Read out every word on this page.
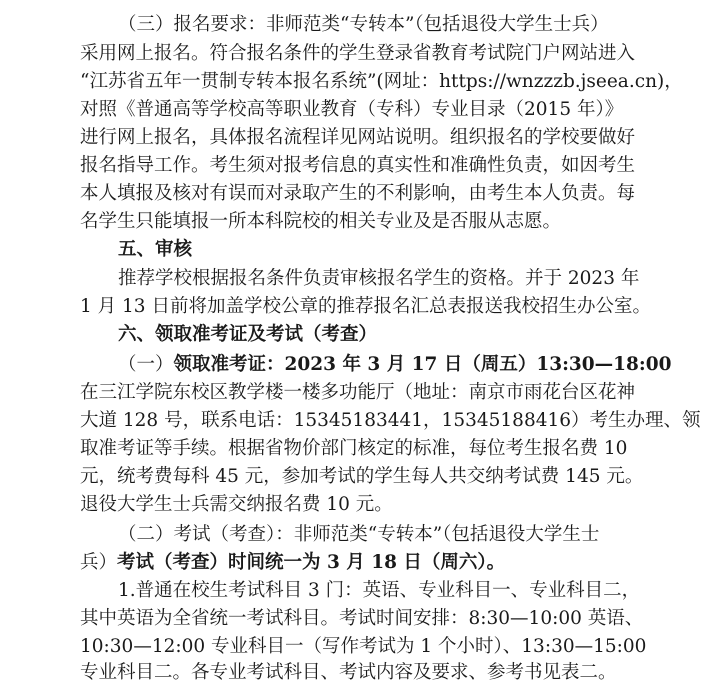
（三）报名要求：非师范类“专转本”（包括退役大学生士兵）
采用网上报名。符合报名条件的学生登录省教育考试院门户网站进入
“江苏省五年一贯制专转本报名系统”(网址：https://wnzzzb.jseea.cn)，
对照《普通高等学校高等职业教育（专科）专业目录（2015 年）》
进行网上报名，具体报名流程详见网站说明。组织报名的学校要做好
报名指导工作。考生须对报考信息的真实性和准确性负责，如因考生
本人填报及核对有误而对录取产生的不利影响，由考生本人负责。每
名学生只能填报一所本科院校的相关专业及是否服从志愿。
五、审核
推荐学校根据报名条件负责审核报名学生的资格。并于 2023 年
1 月 13 日前将加盖学校公章的推荐报名汇总表报送我校招生办公室。
六、领取准考证及考试（考查）
（一）领取准考证：2023 年 3 月 17 日（周五）13:30—18:00
在三江学院东校区教学楼一楼多功能厅（地址：南京市雨花台区花神
大道 128 号，联系电话：15345183441，15345188416）考生办理、领
取准考证等手续。根据省物价部门核定的标准，每位考生报名费 10
元，统考费每科 45 元，参加考试的学生每人共交纳考试费 145 元。
退役大学生士兵需交纳报名费 10 元。
（二）考试（考查）：非师范类“专转本”（包括退役大学生士
兵）考试（考查）时间统一为 3 月 18 日（周六）。
1.普通在校生考试科目 3 门：英语、专业科目一、专业科目二，
其中英语为全省统一考试科目。考试时间安排：8:30—10:00 英语、
10:30—12:00 专业科目一（写作考试为 1 个小时）、13:30—15:00
专业科目二。各专业考试科目、考试内容及要求、参考书见表二。
